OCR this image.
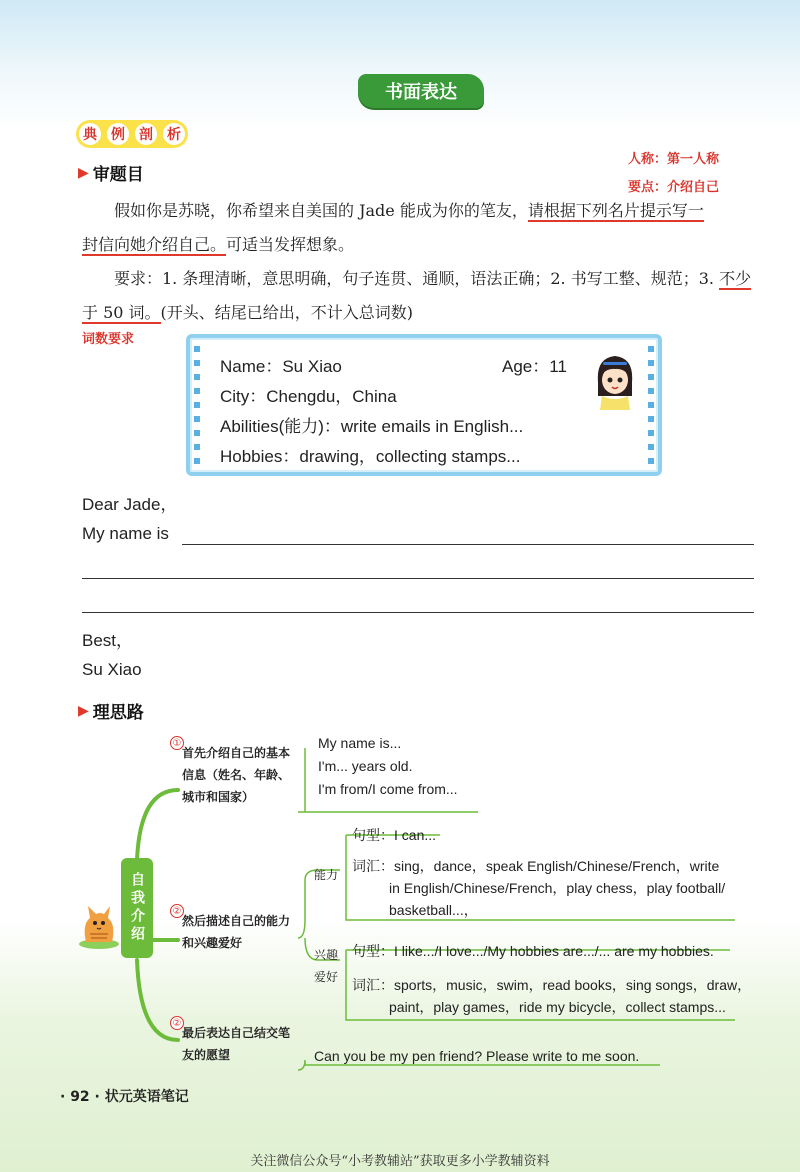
书面表达
典 例 剖 析
▶ 审题目
人称：第一人称
要点：介绍自己
假如你是苏晓，你希望来自美国的 Jade 能成为你的笔友，请根据下列名片提示写一
封信向她介绍自己。可适当发挥想象。
要求：1. 条理清晰，意思明确，句子连贯、通顺，语法正确；2. 书写工整、规范；3. 不少
于 50 词。(开头、结尾已给出，不计入总词数)
词数要求
Name：Su Xiao	Age：11
City：Chengdu，China
Abilities(能力)：write emails in English...
Hobbies：drawing，collecting stamps...
Dear Jade，
My name is
Best，
Su Xiao
▶ 理思路
自我介绍
①
首先介绍自己的基本信息（姓名、年龄、城市和国家）
My name is...
I'm... years old.
I'm from/I come from...
②
然后描述自己的能力和兴趣爱好
能力
句型：I can...
词汇：sing，dance，speak English/Chinese/French，write
in English/Chinese/French，play chess，play football/
basketball...，
兴趣爱好
句型：I like.../I love.../My hobbies are.../... are my hobbies.
词汇：sports，music，swim，read books，sing songs，draw，
paint，play games，ride my bicycle，collect stamps...
②
最后表达自己结交笔友的愿望	Can you be my pen friend? Please write to me soon.
· 92 · 状元英语笔记
关注微信公众号“小考教辅站”获取更多小学教辅资料
